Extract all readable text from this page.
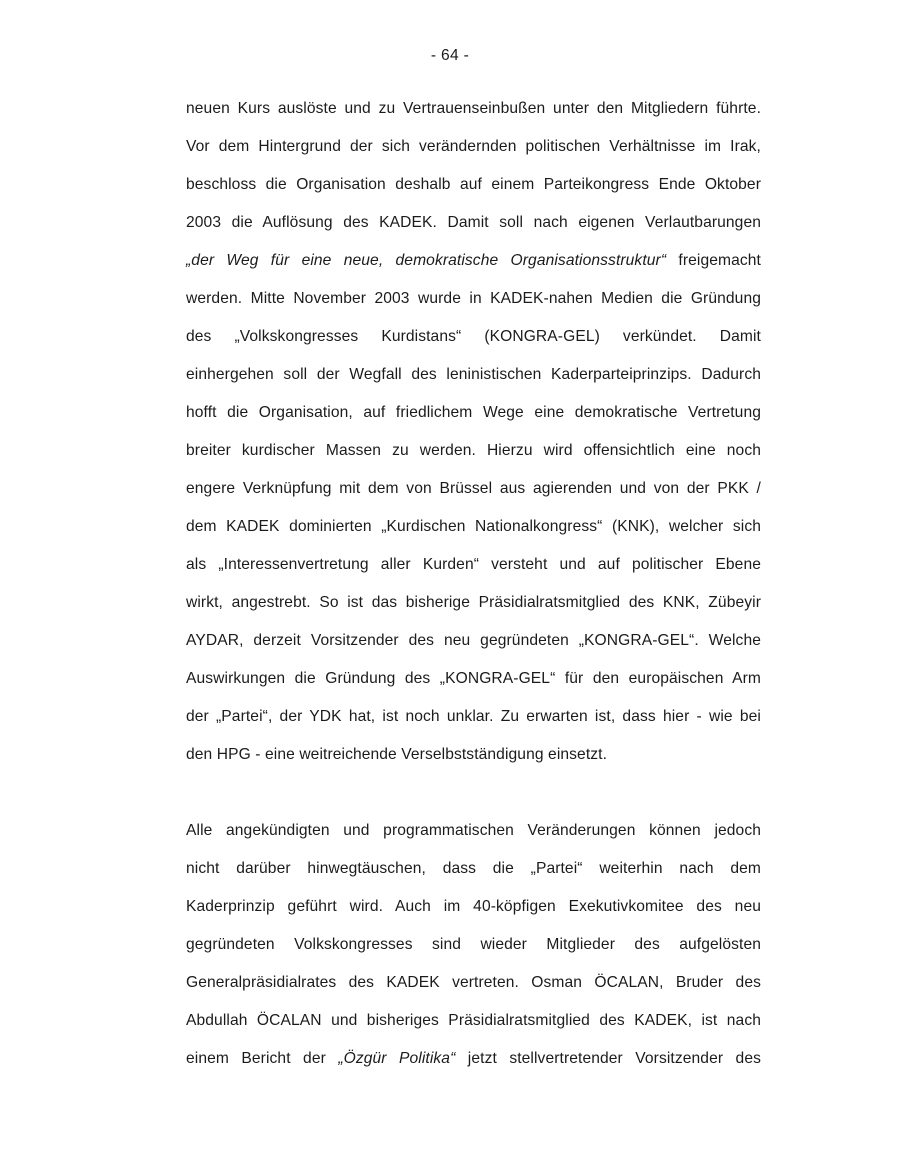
- 64 -
neuen Kurs auslöste und zu Vertrauenseinbußen unter den Mitgliedern führte.
Vor dem Hintergrund der sich verändernden politischen Verhältnisse im Irak,
beschloss die Organisation deshalb auf einem Parteikongress Ende Oktober
2003 die Auflösung des KADEK. Damit soll nach eigenen Verlautbarungen
„der Weg für eine neue, demokratische Organisationsstruktur“ freigemacht
werden. Mitte November 2003 wurde in KADEK-nahen Medien die Gründung
des „Volkskongresses Kurdistans“ (KONGRA-GEL) verkündet. Damit
einhergehen soll der Wegfall des leninistischen Kaderparteiprinzips. Dadurch
hofft die Organisation, auf friedlichem Wege eine demokratische Vertretung
breiter kurdischer Massen zu werden. Hierzu wird offensichtlich eine noch
engere Verknüpfung mit dem von Brüssel aus agierenden und von der PKK /
dem KADEK dominierten „Kurdischen Nationalkongress“ (KNK), welcher sich
als „Interessenvertretung aller Kurden“ versteht und auf politischer Ebene
wirkt, angestrebt. So ist das bisherige Präsidialratsmitglied des KNK, Zübeyir
AYDAR, derzeit Vorsitzender des neu gegründeten „KONGRA-GEL“. Welche
Auswirkungen die Gründung des „KONGRA-GEL“ für den europäischen Arm
der „Partei“, der YDK hat, ist noch unklar. Zu erwarten ist, dass hier - wie bei
den HPG - eine weitreichende Verselbstständigung einsetzt.
Alle angekündigten und programmatischen Veränderungen können jedoch
nicht darüber hinwegtäuschen, dass die „Partei“ weiterhin nach dem
Kaderprinzip geführt wird. Auch im 40-köpfigen Exekutivkomitee des neu
gegründeten Volkskongresses sind wieder Mitglieder des aufgelösten
Generalpräsidialrates des KADEK vertreten. Osman ÖCALAN, Bruder des
Abdullah ÖCALAN und bisheriges Präsidialratsmitglied des KADEK, ist nach
einem Bericht der „Özgür Politika“ jetzt stellvertretender Vorsitzender des
